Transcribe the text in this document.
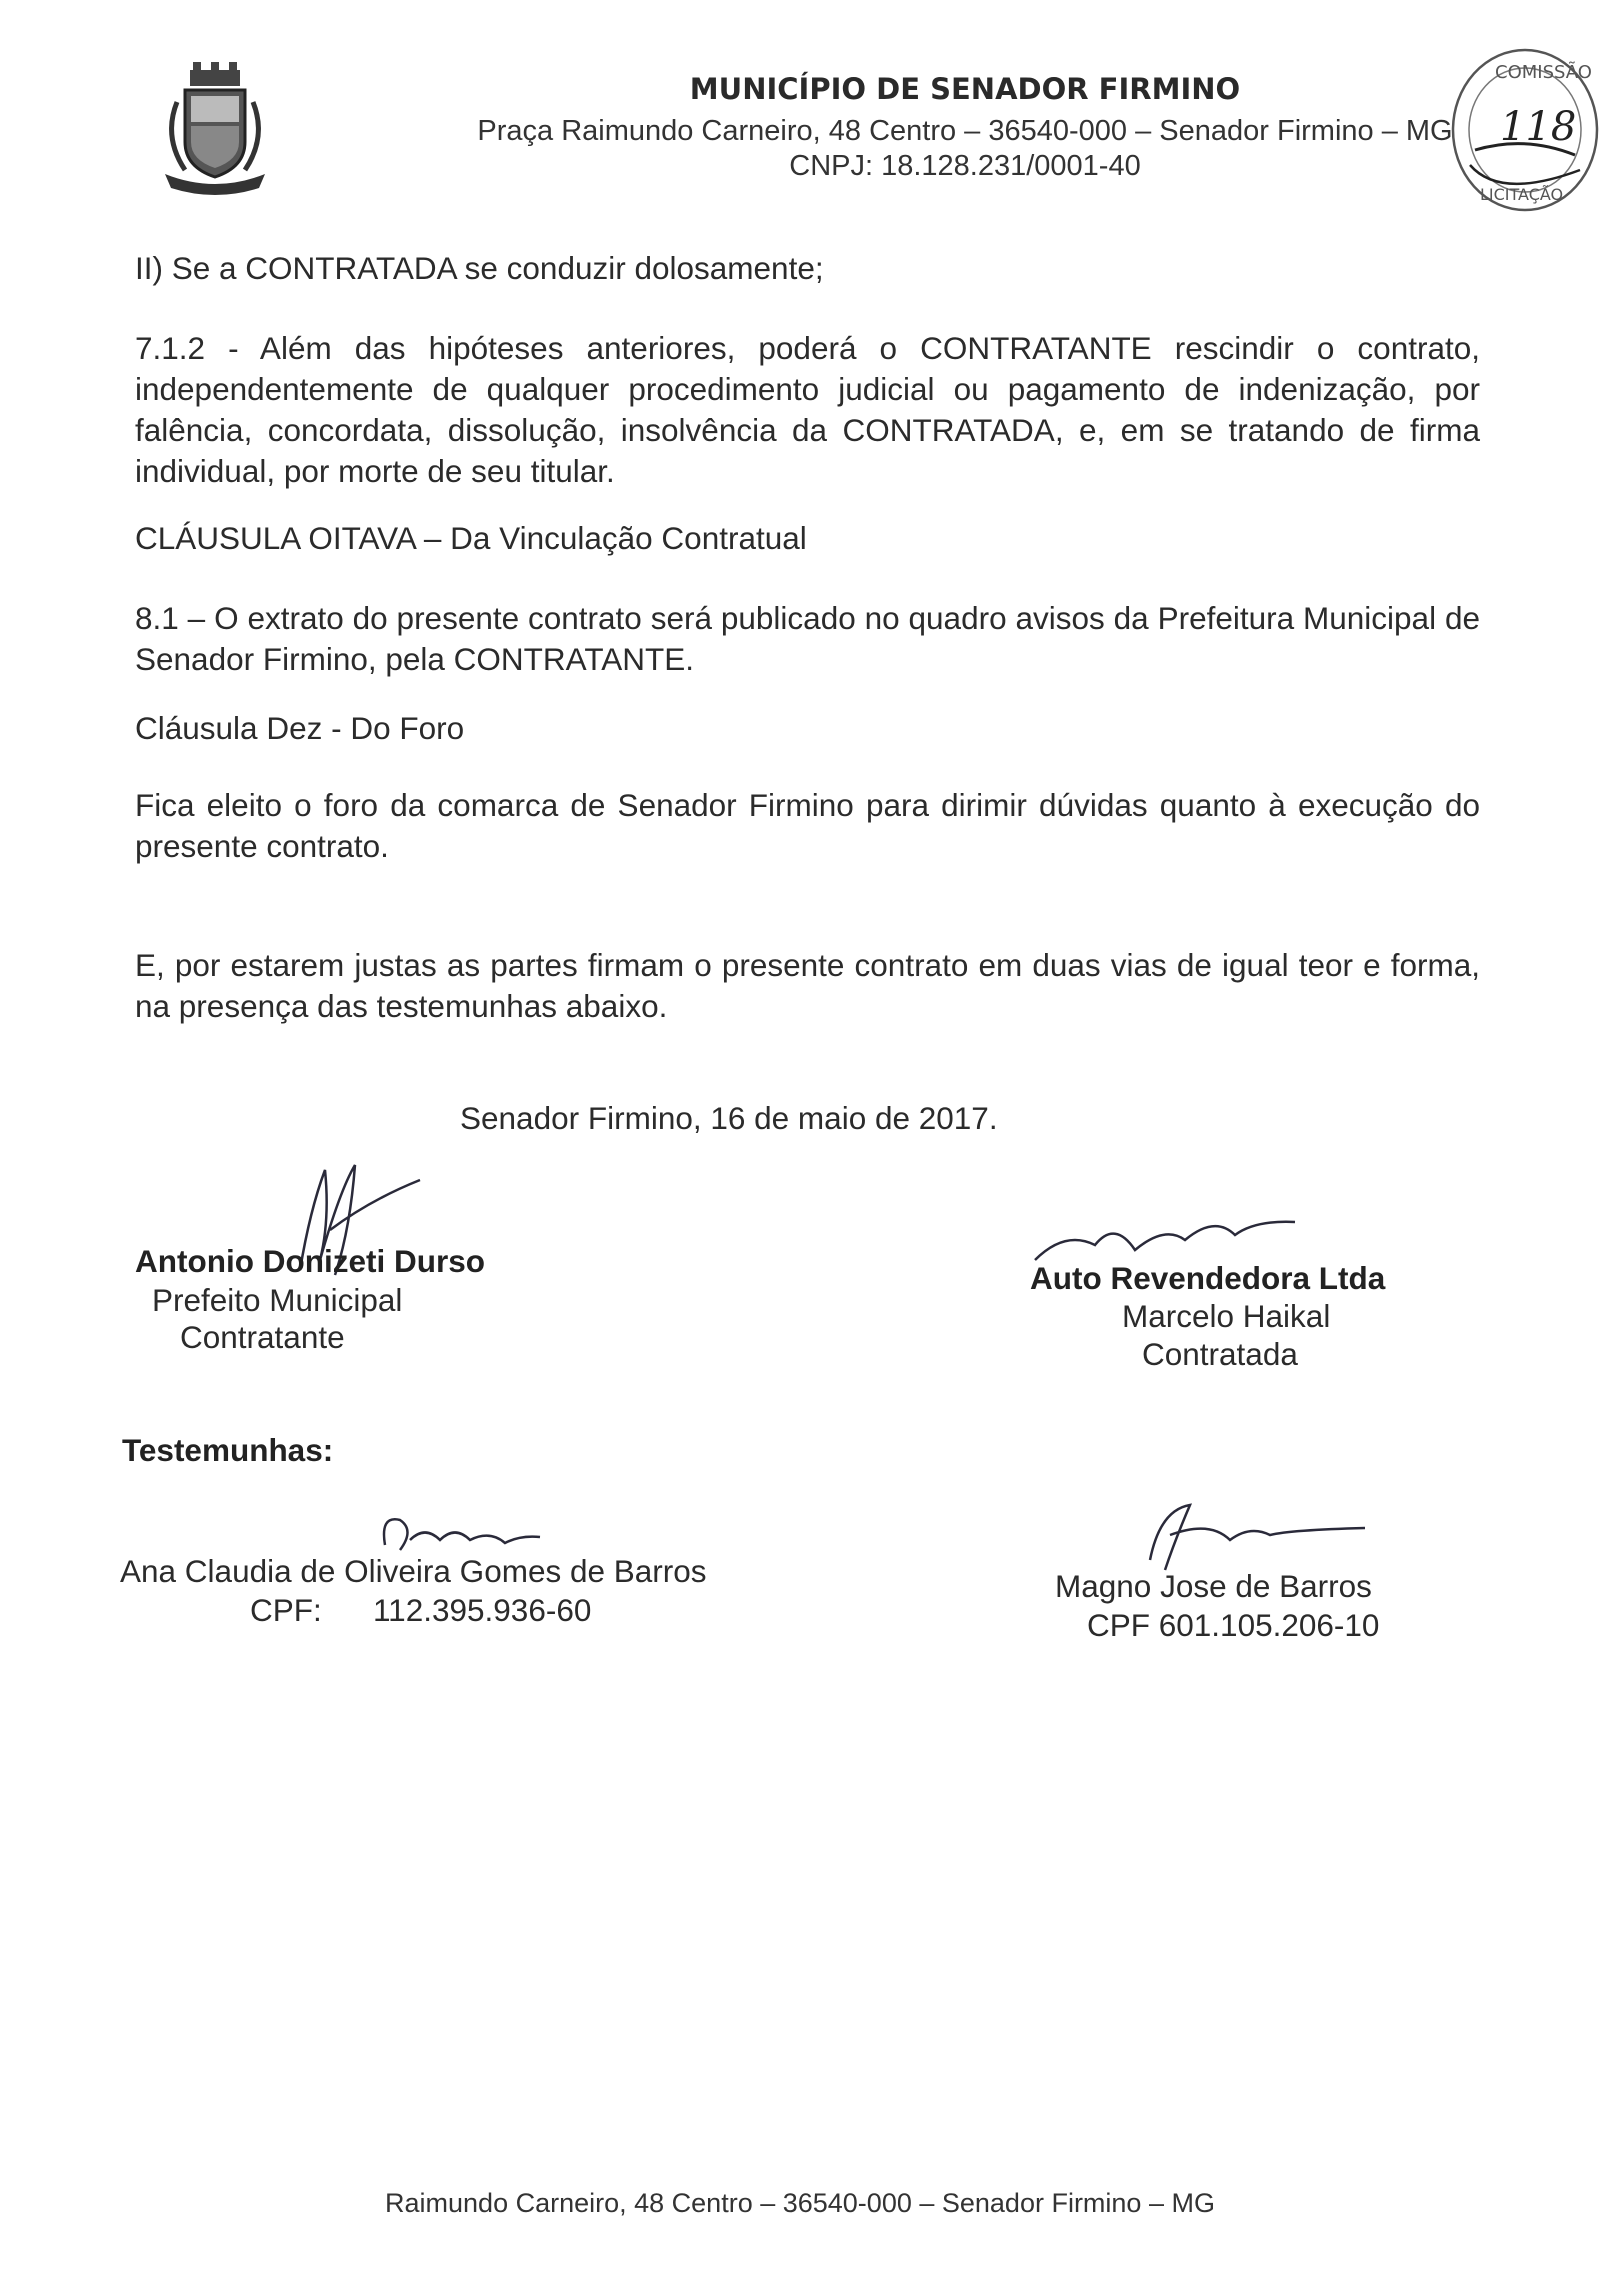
MUNICÍPIO DE SENADOR FIRMINO
Praça Raimundo Carneiro, 48 Centro – 36540-000 – Senador Firmino – MG
CNPJ: 18.128.231/0001-40
COMISSÃO
118
LICITAÇÃO
II) Se a CONTRATADA se conduzir dolosamente;
7.1.2 - Além das hipóteses anteriores, poderá o CONTRATANTE rescindir o contrato, independentemente de qualquer procedimento judicial ou pagamento de indenização, por falência, concordata, dissolução, insolvência da CONTRATADA, e, em se tratando de firma individual, por morte de seu titular.
CLÁUSULA OITAVA – Da Vinculação Contratual
8.1 – O extrato do presente contrato será publicado no quadro avisos da Prefeitura Municipal de Senador Firmino, pela CONTRATANTE.
Cláusula Dez - Do Foro
Fica eleito o foro da comarca de Senador Firmino para dirimir dúvidas quanto à execução do presente contrato.
E, por estarem justas as partes firmam o presente contrato em duas vias de igual teor e forma, na presença das testemunhas abaixo.
Senador Firmino, 16 de maio de 2017.
Antonio Donizeti Durso
Prefeito Municipal
Contratante
Auto Revendedora Ltda
Marcelo Haikal
Contratada
Testemunhas:
Ana Claudia de Oliveira Gomes de Barros
CPF: 112.395.936-60
Magno Jose de Barros
CPF 601.105.206-10
Raimundo Carneiro, 48 Centro – 36540-000 – Senador Firmino – MG
